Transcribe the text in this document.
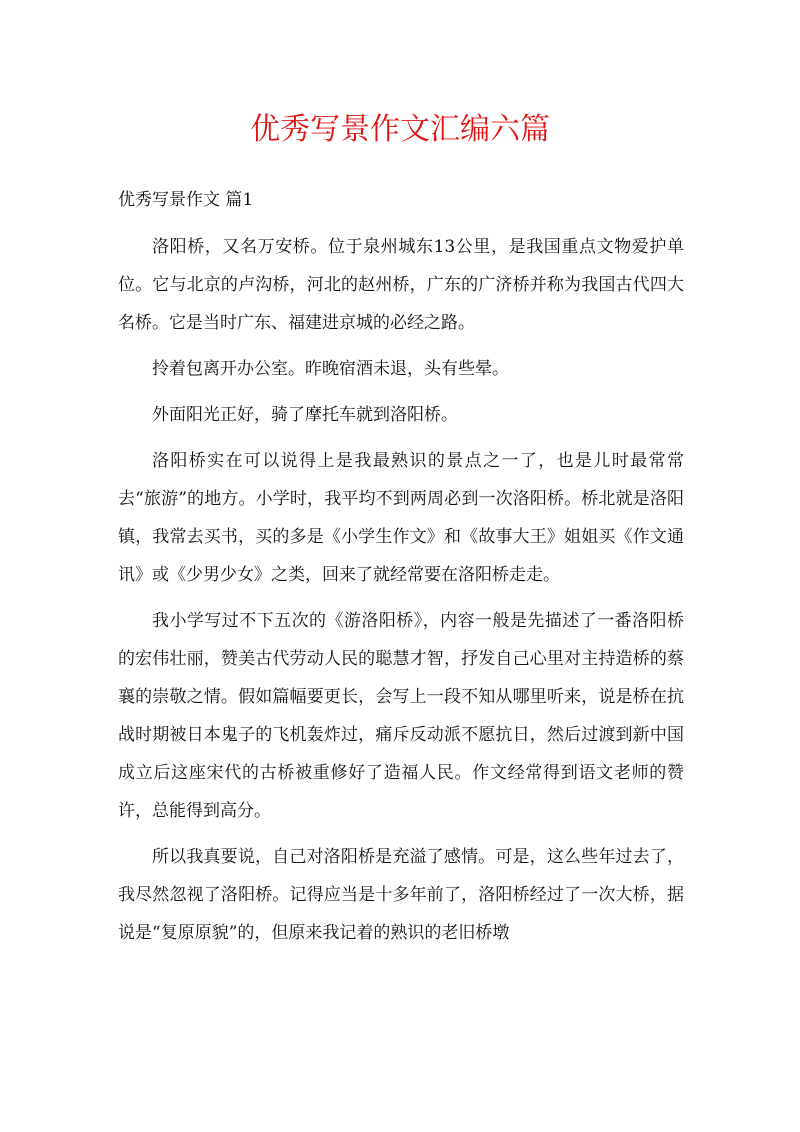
优秀写景作文汇编六篇
优秀写景作文 篇1

洛阳桥，又名万安桥。位于泉州城东13公里，是我国重点文物爱护单位。它与北京的卢沟桥，河北的赵州桥，广东的广济桥并称为我国古代四大名桥。它是当时广东、福建进京城的必经之路。

拎着包离开办公室。昨晚宿酒未退，头有些晕。

外面阳光正好，骑了摩托车就到洛阳桥。

洛阳桥实在可以说得上是我最熟识的景点之一了，也是儿时最常常去“旅游”的地方。小学时，我平均不到两周必到一次洛阳桥。桥北就是洛阳镇，我常去买书，买的多是《小学生作文》和《故事大王》姐姐买《作文通讯》或《少男少女》之类，回来了就经常要在洛阳桥走走。

我小学写过不下五次的《游洛阳桥》，内容一般是先描述了一番洛阳桥的宏伟壮丽，赞美古代劳动人民的聪慧才智，抒发自己心里对主持造桥的蔡襄的崇敬之情。假如篇幅要更长，会写上一段不知从哪里听来，说是桥在抗战时期被日本鬼子的飞机轰炸过，痛斥反动派不愿抗日，然后过渡到新中国成立后这座宋代的古桥被重修好了造福人民。作文经常得到语文老师的赞许，总能得到高分。

所以我真要说，自己对洛阳桥是充溢了感情。可是，这么些年过去了，我尽然忽视了洛阳桥。记得应当是十多年前了，洛阳桥经过了一次大桥，据说是“复原原貌”的，但原来我记着的熟识的老旧桥墩
